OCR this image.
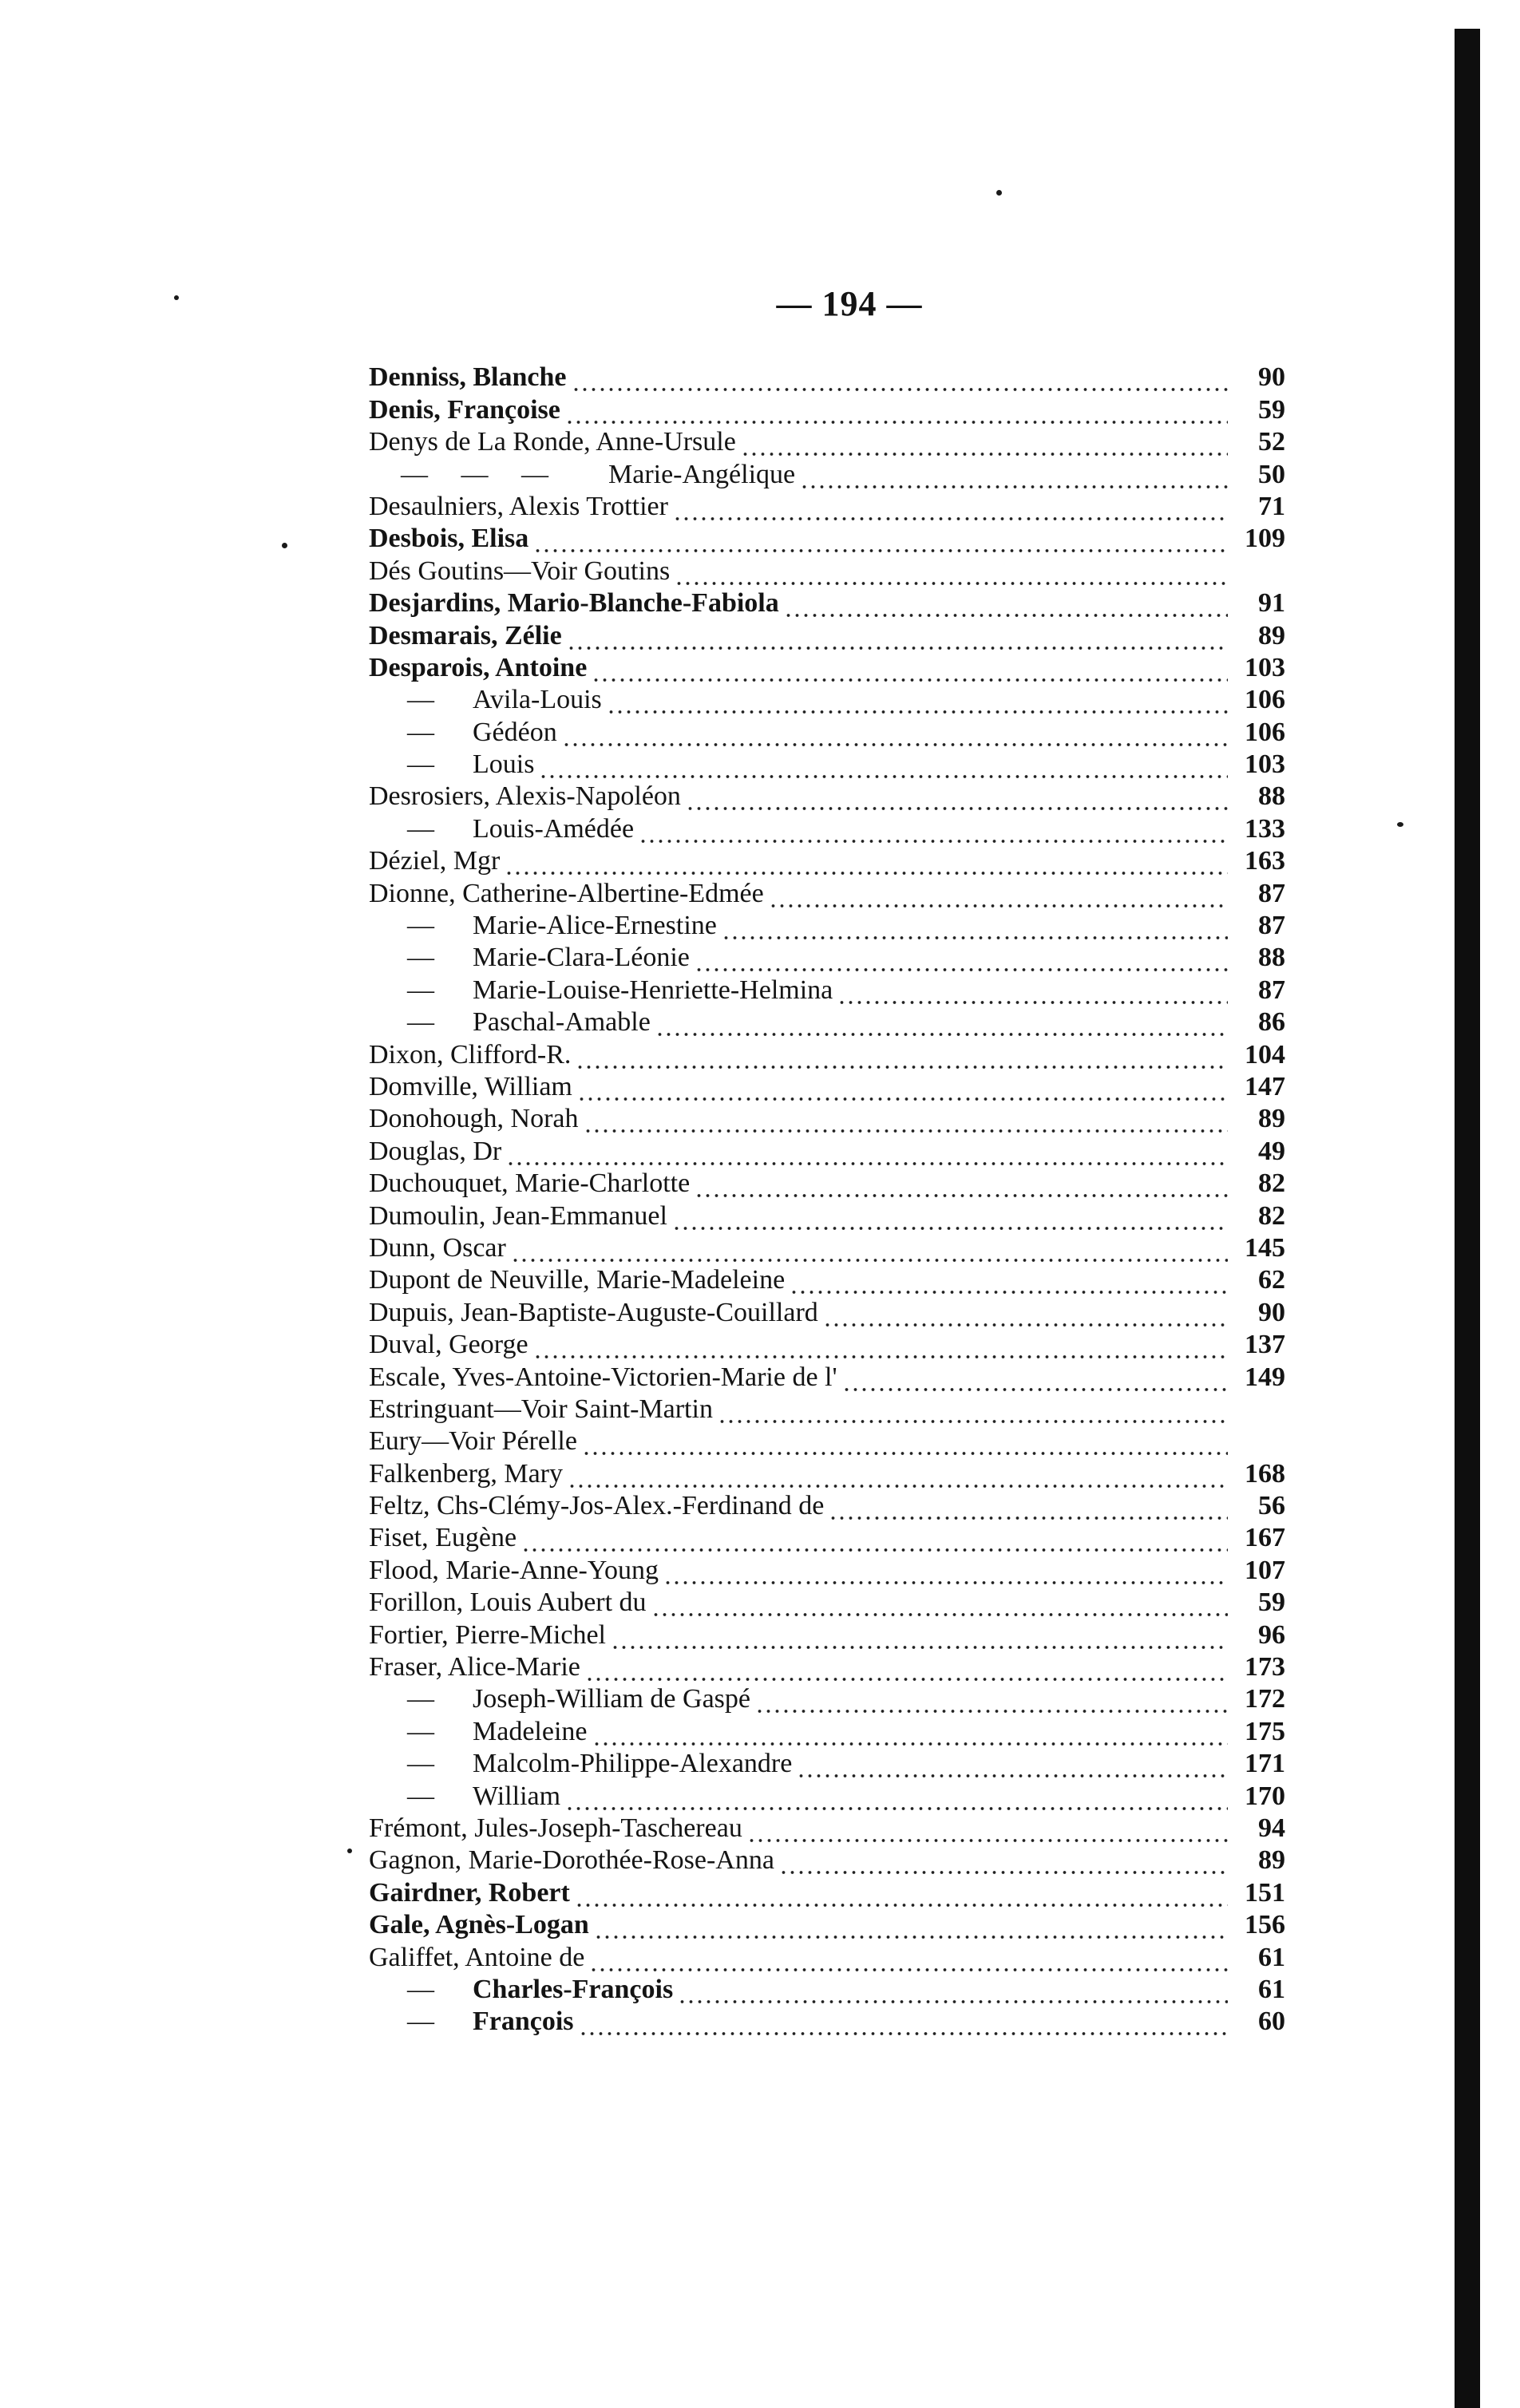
— 194 —
Denniss, Blanche	90
Denis, Françoise	59
Denys de La Ronde, Anne-Ursule	52
—   —   —	Marie-Angélique	50
Desaulniers, Alexis Trottier	71
Desbois, Elisa	109
Dés Goutins—Voir Goutins
Desjardins, Mario-Blanche-Fabiola	91
Desmarais, Zélie	89
Desparois, Antoine	103
—	Avila-Louis	106
—	Gédéon	106
—	Louis	103
Desrosiers, Alexis-Napoléon	88
—	Louis-Amédée	133
Déziel, Mgr	163
Dionne, Catherine-Albertine-Edmée	87
—	Marie-Alice-Ernestine	87
—	Marie-Clara-Léonie	88
—	Marie-Louise-Henriette-Helmina	87
—	Paschal-Amable	86
Dixon, Clifford-R.	104
Domville, William	147
Donohough, Norah	89
Douglas, Dr	49
Duchouquet, Marie-Charlotte	82
Dumoulin, Jean-Emmanuel	82
Dunn, Oscar	145
Dupont de Neuville, Marie-Madeleine	62
Dupuis, Jean-Baptiste-Auguste-Couillard	90
Duval, George	137
Escale, Yves-Antoine-Victorien-Marie de l'	149
Estringuant—Voir Saint-Martin
Eury—Voir Pérelle
Falkenberg, Mary	168
Feltz, Chs-Clémy-Jos-Alex.-Ferdinand de	56
Fiset, Eugène	167
Flood, Marie-Anne-Young	107
Forillon, Louis Aubert du	59
Fortier, Pierre-Michel	96
Fraser, Alice-Marie	173
—	Joseph-William de Gaspé	172
—	Madeleine	175
—	Malcolm-Philippe-Alexandre	171
—	William	170
Frémont, Jules-Joseph-Taschereau	94
Gagnon, Marie-Dorothée-Rose-Anna	89
Gairdner, Robert	151
Gale, Agnès-Logan	156
Galiffet, Antoine de	61
—	Charles-François	61
—	François	60
